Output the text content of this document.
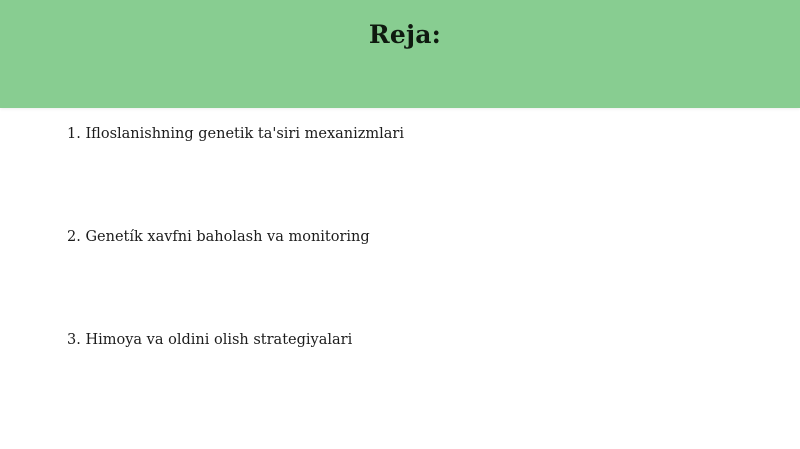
Reja:
1. Ifloslanishning genetik ta'siri mexanizmlari
2. Genetík xavfni baholash va monitoring
3. Himoya va oldini olish strategiyalari
